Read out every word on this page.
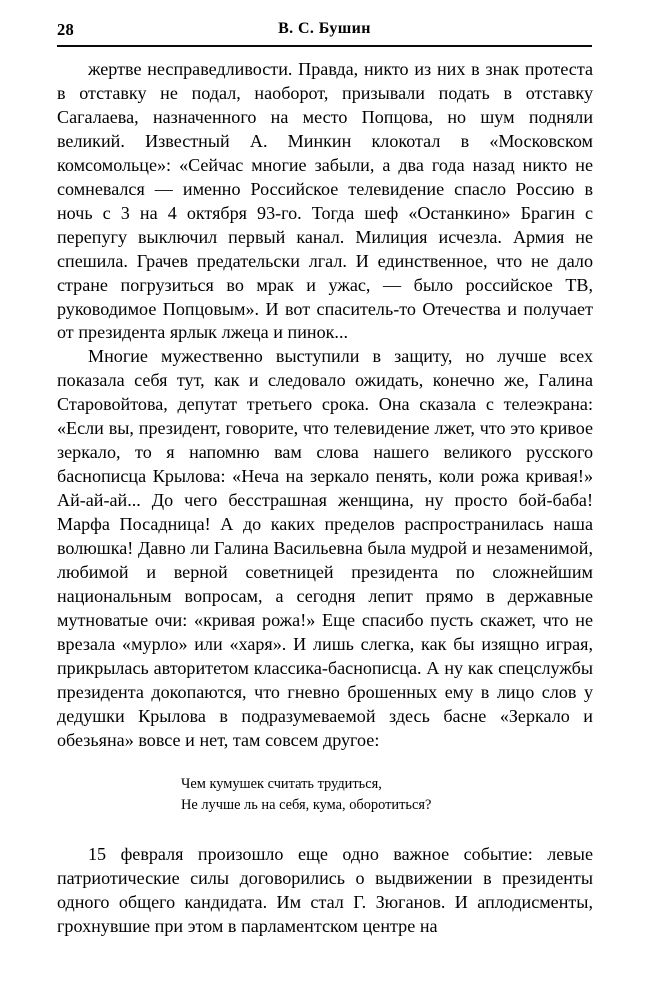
28	В. С. Бушин

жертве несправедливости. Правда, никто из них в знак протеста в отставку не подал, наоборот, призывали подать в отставку Сагалаева, назначенного на место Попцова, но шум подняли великий. Известный А. Минкин клокотал в «Московском комсомольце»: «Сейчас многие забыли, а два года назад никто не сомневался — именно Российское телевидение спасло Россию в ночь с 3 на 4 октября 93-го. Тогда шеф «Останкино» Брагин с перепугу выключил первый канал. Милиция исчезла. Армия не спешила. Грачев предательски лгал. И единственное, что не дало стране погрузиться во мрак и ужас, — было российское ТВ, руководимое Попцовым». И вот спаситель-то Отечества и получает от президента ярлык лжеца и пинок...

Многие мужественно выступили в защиту, но лучше всех показала себя тут, как и следовало ожидать, конечно же, Галина Старовойтова, депутат третьего срока. Она сказала с телеэкрана: «Если вы, президент, говорите, что телевидение лжет, что это кривое зеркало, то я напомню вам слова нашего великого русского баснописца Крылова: «Неча на зеркало пенять, коли рожа кривая!» Ай-ай-ай... До чего бесстрашная женщина, ну просто бой-баба! Марфа Посадница! А до каких пределов распространилась наша волюшка! Давно ли Галина Васильевна была мудрой и незаменимой, любимой и верной советницей президента по сложнейшим национальным вопросам, а сегодня лепит прямо в державные мутноватые очи: «кривая рожа!» Еще спасибо пусть скажет, что не врезала «мурло» или «харя». И лишь слегка, как бы изящно играя, прикрылась авторитетом классика-баснописца. А ну как спецслужбы президента докопаются, что гневно брошенных ему в лицо слов у дедушки Крылова в подразумеваемой здесь басне «Зеркало и обезьяна» вовсе и нет, там совсем другое:

Чем кумушек считать трудиться,
Не лучше ль на себя, кума, оборотиться?

15 февраля произошло еще одно важное событие: левые патриотические силы договорились о выдвижении в президенты одного общего кандидата. Им стал Г. Зюганов. И аплодисменты, грохнувшие при этом в парламентском центре на
